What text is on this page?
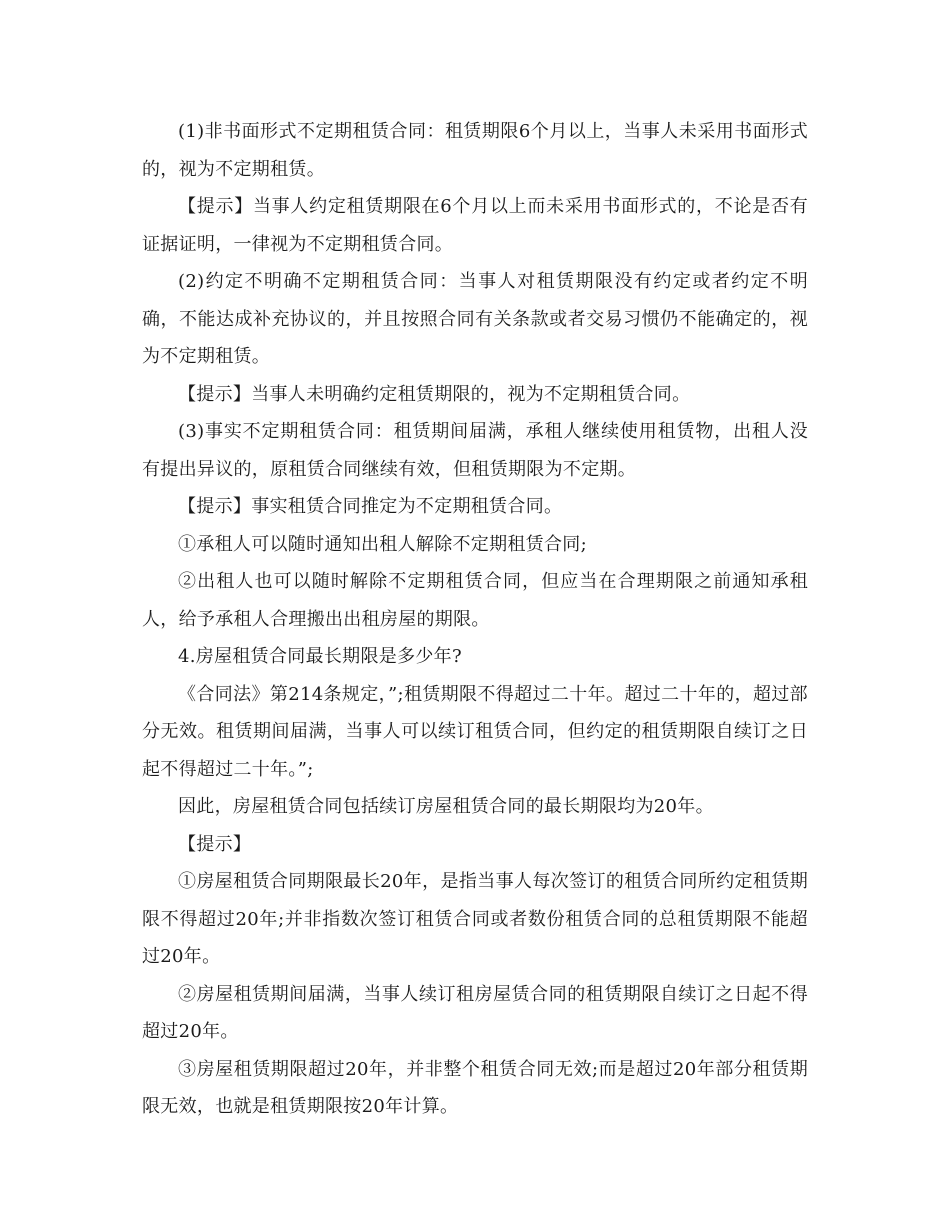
(1)非书面形式不定期租赁合同：租赁期限6个月以上，当事人未采用书面形式的，视为不定期租赁。

【提示】当事人约定租赁期限在6个月以上而未采用书面形式的，不论是否有证据证明，一律视为不定期租赁合同。

(2)约定不明确不定期租赁合同：当事人对租赁期限没有约定或者约定不明确，不能达成补充协议的，并且按照合同有关条款或者交易习惯仍不能确定的，视为不定期租赁。

【提示】当事人未明确约定租赁期限的，视为不定期租赁合同。

(3)事实不定期租赁合同：租赁期间届满，承租人继续使用租赁物，出租人没有提出异议的，原租赁合同继续有效，但租赁期限为不定期。

【提示】事实租赁合同推定为不定期租赁合同。

①承租人可以随时通知出租人解除不定期租赁合同;

②出租人也可以随时解除不定期租赁合同，但应当在合理期限之前通知承租人，给予承租人合理搬出出租房屋的期限。

4.房屋租赁合同最长期限是多少年?

《合同法》第214条规定，”;租赁期限不得超过二十年。超过二十年的，超过部分无效。租赁期间届满，当事人可以续订租赁合同，但约定的租赁期限自续订之日起不得超过二十年。”;

因此，房屋租赁合同包括续订房屋租赁合同的最长期限均为20年。

【提示】

①房屋租赁合同期限最长20年，是指当事人每次签订的租赁合同所约定租赁期限不得超过20年;并非指数次签订租赁合同或者数份租赁合同的总租赁期限不能超过20年。

②房屋租赁期间届满，当事人续订租房屋赁合同的租赁期限自续订之日起不得超过20年。

③房屋租赁期限超过20年，并非整个租赁合同无效;而是超过20年部分租赁期限无效，也就是租赁期限按20年计算。
